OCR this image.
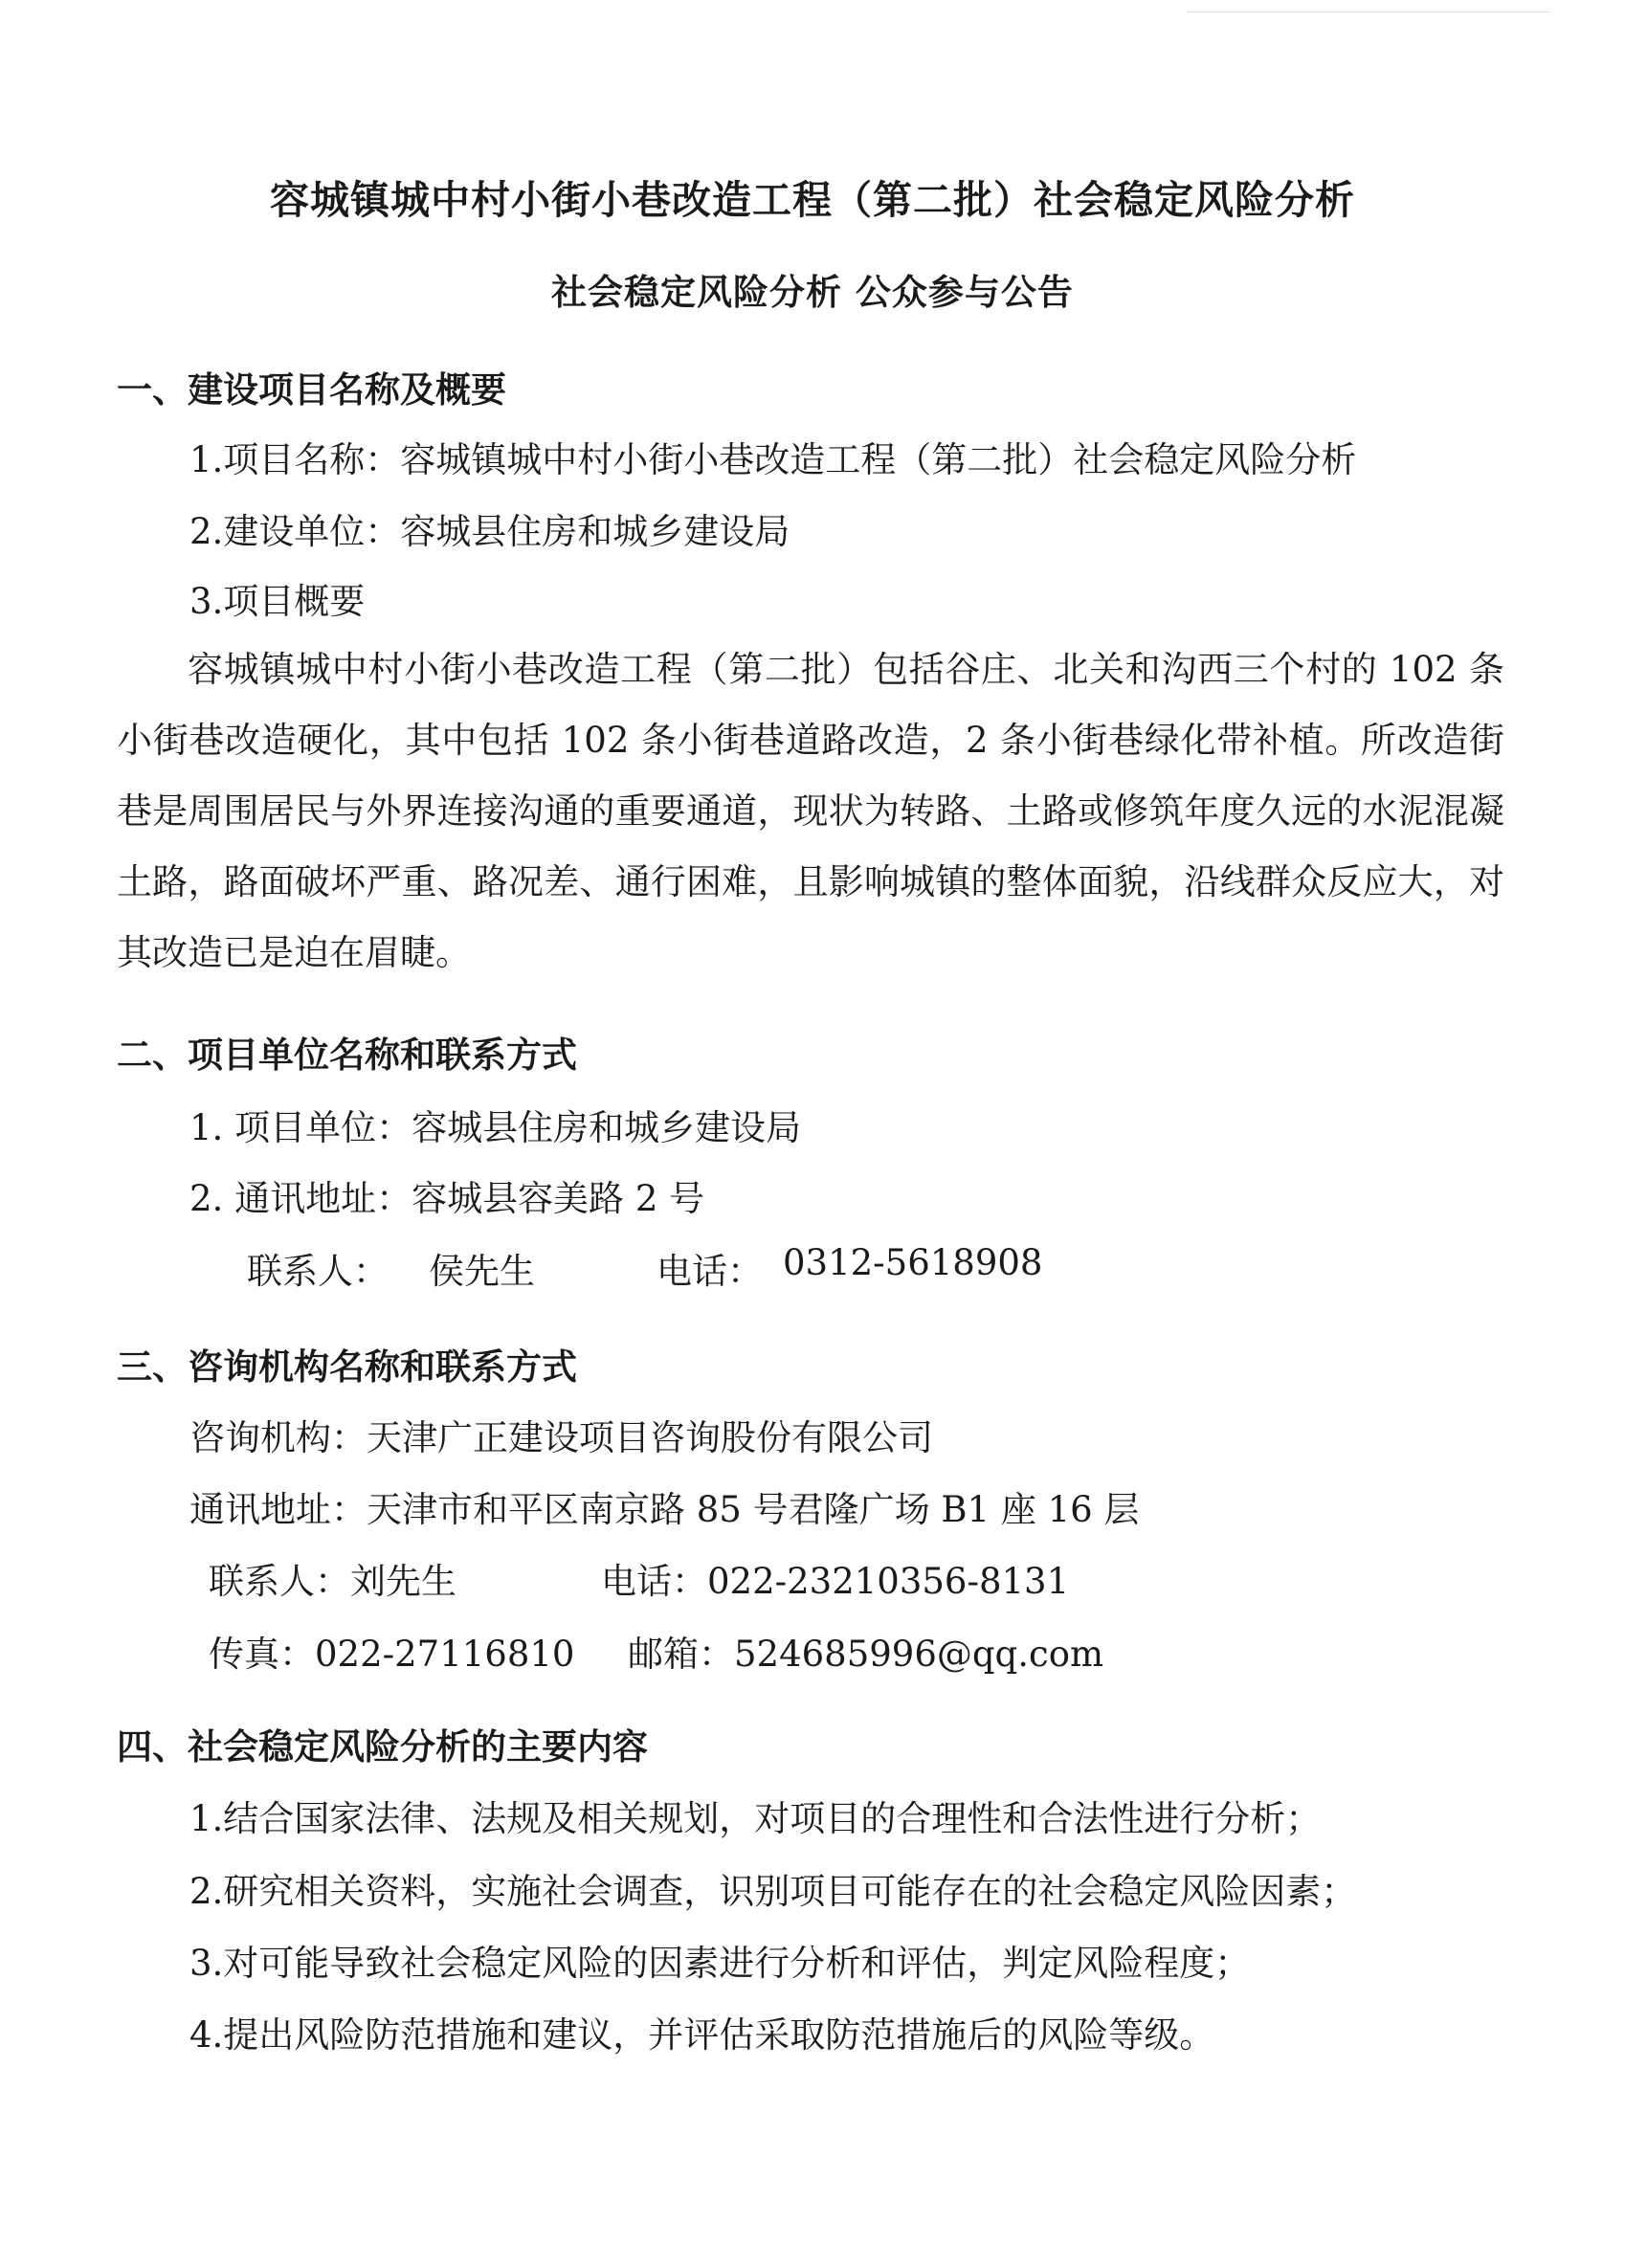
容城镇城中村小街小巷改造工程（第二批）社会稳定风险分析
社会稳定风险分析 公众参与公告
一、建设项目名称及概要
1.项目名称：容城镇城中村小街小巷改造工程（第二批）社会稳定风险分析
2.建设单位：容城县住房和城乡建设局
3.项目概要
容城镇城中村小街小巷改造工程（第二批）包括谷庄、北关和沟西三个村的 102 条小街巷改造硬化，其中包括 102 条小街巷道路改造，2 条小街巷绿化带补植。所改造街巷是周围居民与外界连接沟通的重要通道，现状为转路、土路或修筑年度久远的水泥混凝土路，路面破坏严重、路况差、通行困难，且影响城镇的整体面貌，沿线群众反应大，对其改造已是迫在眉睫。
二、项目单位名称和联系方式
1. 项目单位：容城县住房和城乡建设局
2. 通讯地址：容城县容美路 2 号
联系人： 侯先生	电话： 0312-5618908
三、咨询机构名称和联系方式
咨询机构：天津广正建设项目咨询股份有限公司
通讯地址：天津市和平区南京路 85 号君隆广场 B1 座 16 层
联系人：刘先生	电话：022-23210356-8131
传真：022-27116810 邮箱：524685996@qq.com
四、社会稳定风险分析的主要内容
1.结合国家法律、法规及相关规划，对项目的合理性和合法性进行分析；
2.研究相关资料，实施社会调查，识别项目可能存在的社会稳定风险因素；
3.对可能导致社会稳定风险的因素进行分析和评估，判定风险程度；
4.提出风险防范措施和建议，并评估采取防范措施后的风险等级。
